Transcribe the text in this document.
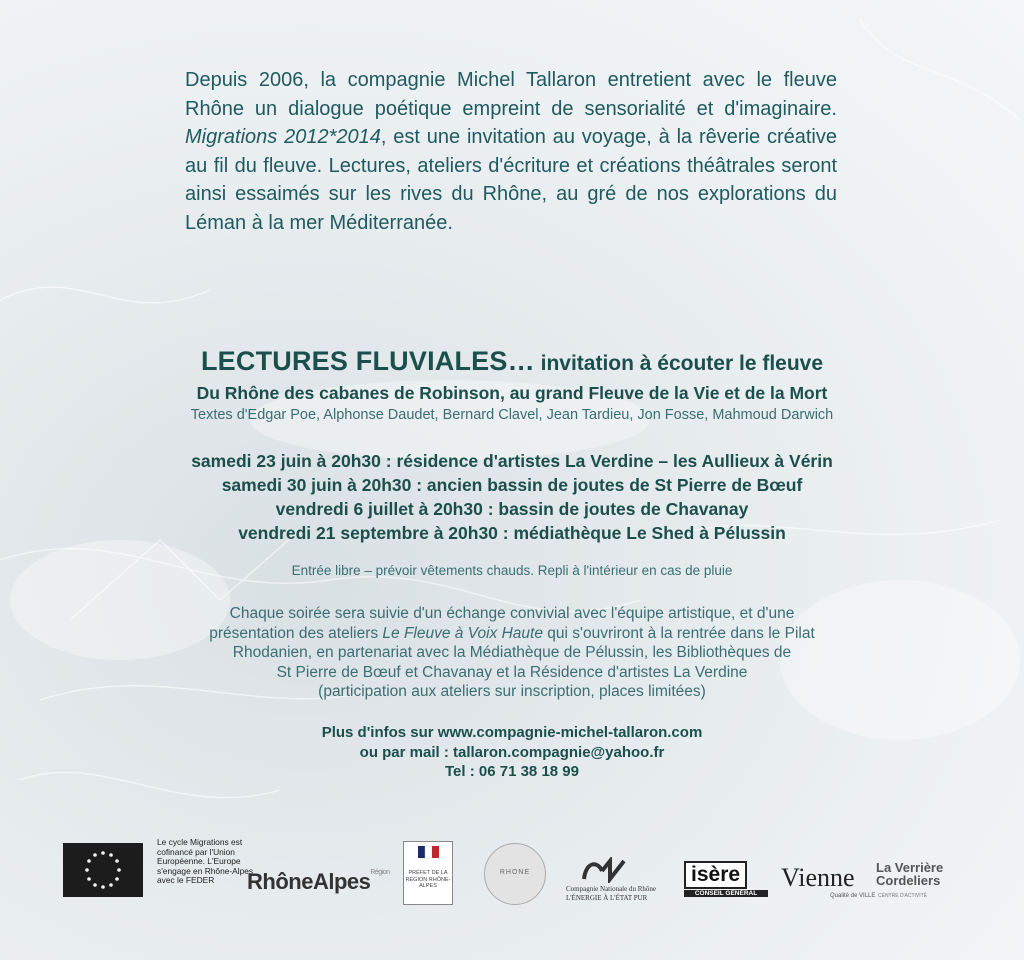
Depuis 2006, la compagnie Michel Tallaron entretient avec le fleuve Rhône un dialogue poétique empreint de sensorialité et d'imaginaire. Migrations 2012*2014, est une invitation au voyage, à la rêverie créative au fil du fleuve. Lectures, ateliers d'écriture et créations théâtrales seront ainsi essaimés sur les rives du Rhône, au gré de nos explorations du Léman à la mer Méditerranée.

LECTURES FLUVIALES… invitation à écouter le fleuve
Du Rhône des cabanes de Robinson, au grand Fleuve de la Vie et de la Mort
Textes d'Edgar Poe, Alphonse Daudet, Bernard Clavel, Jean Tardieu, Jon Fosse, Mahmoud Darwich
samedi 23 juin à 20h30 : résidence d'artistes La Verdine – les Aullieux à Vérin
samedi 30 juin à 20h30 : ancien bassin de joutes de St Pierre de Bœuf
vendredi 6 juillet à 20h30 : bassin de joutes de Chavanay
vendredi 21 septembre à 20h30 : médiathèque Le Shed à Pélussin
Entrée libre – prévoir vêtements chauds. Repli à l'intérieur en cas de pluie
Chaque soirée sera suivie d'un échange convivial avec l'équipe artistique, et d'une
présentation des ateliers Le Fleuve à Voix Haute qui s'ouvriront à la rentrée dans le Pilat
Rhodanien, en partenariat avec la Médiathèque de Pélussin, les Bibliothèques de
St Pierre de Bœuf et Chavanay et la Résidence d'artistes La Verdine
(participation aux ateliers sur inscription, places limitées)
Plus d'infos sur www.compagnie-michel-tallaron.com
ou par mail : tallaron.compagnie@yahoo.fr
Tel : 06 71 38 18 99
Le cycle Migrations est cofinancé par l'Union Européenne. L'Europe s'engage en Rhône-Alpes avec le FEDER	RhôneAlpes$^{Région}$	PRÉFET DE LA RÉGION RHÔNE-ALPES
RHONE
Compagnie Nationale du Rhône
L'ÉNERGIE À L'ÉTAT PUR
isère
CONSEIL GÉNÉRAL
Vienne
Qualité de VILLE
La Verrière Cordeliers
CENTRE D'ACTIVITÉ
